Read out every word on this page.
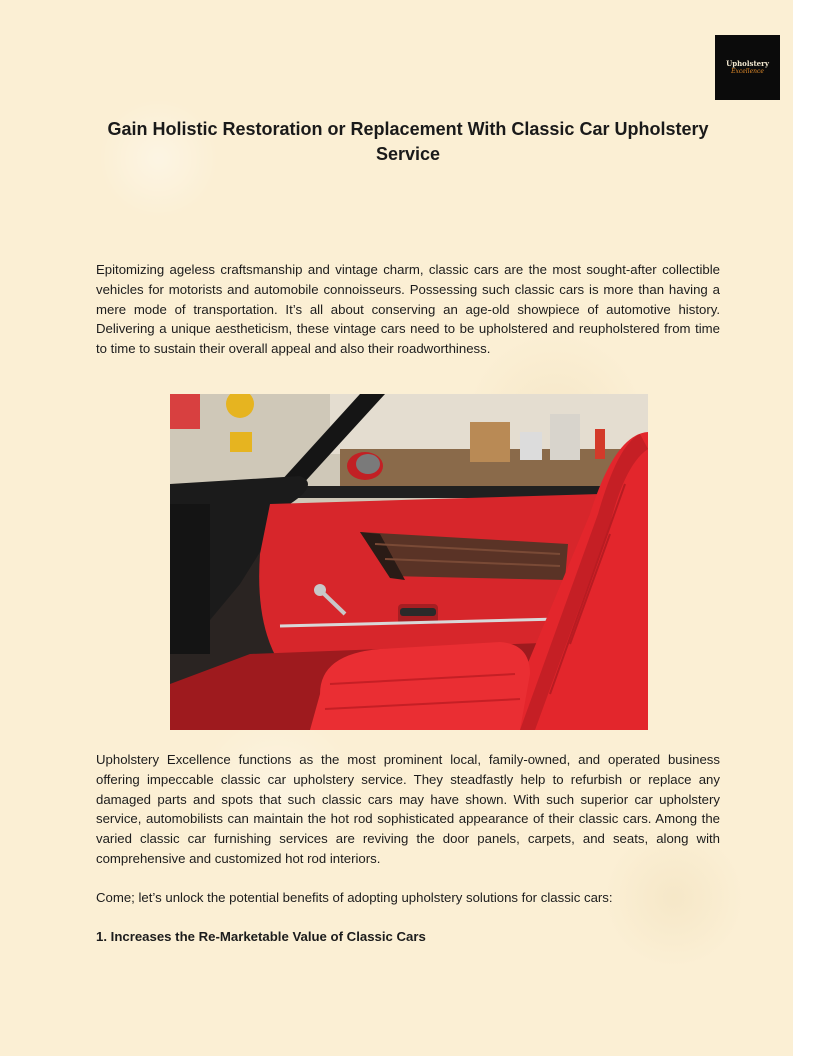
Upholstery
Excellence
Gain Holistic Restoration or Replacement With Classic Car Upholstery Service

Epitomizing ageless craftsmanship and vintage charm, classic cars are the most sought-after collectible vehicles for motorists and automobile connoisseurs. Possessing such classic cars is more than having a mere mode of transportation. It’s all about conserving an age-old showpiece of automotive history. Delivering a unique aestheticism, these vintage cars need to be upholstered and reupholstered from time to time to sustain their overall appeal and also their roadworthiness.

Upholstery Excellence functions as the most prominent local, family-owned, and operated business offering impeccable classic car upholstery service. They steadfastly help to refurbish or replace any damaged parts and spots that such classic cars may have shown. With such superior car upholstery service, automobilists can maintain the hot rod sophisticated appearance of their classic cars. Among the varied classic car furnishing services are reviving the door panels, carpets, and seats, along with comprehensive and customized hot rod interiors.

Come; let’s unlock the potential benefits of adopting upholstery solutions for classic cars:

1. Increases the Re-Marketable Value of Classic Cars
